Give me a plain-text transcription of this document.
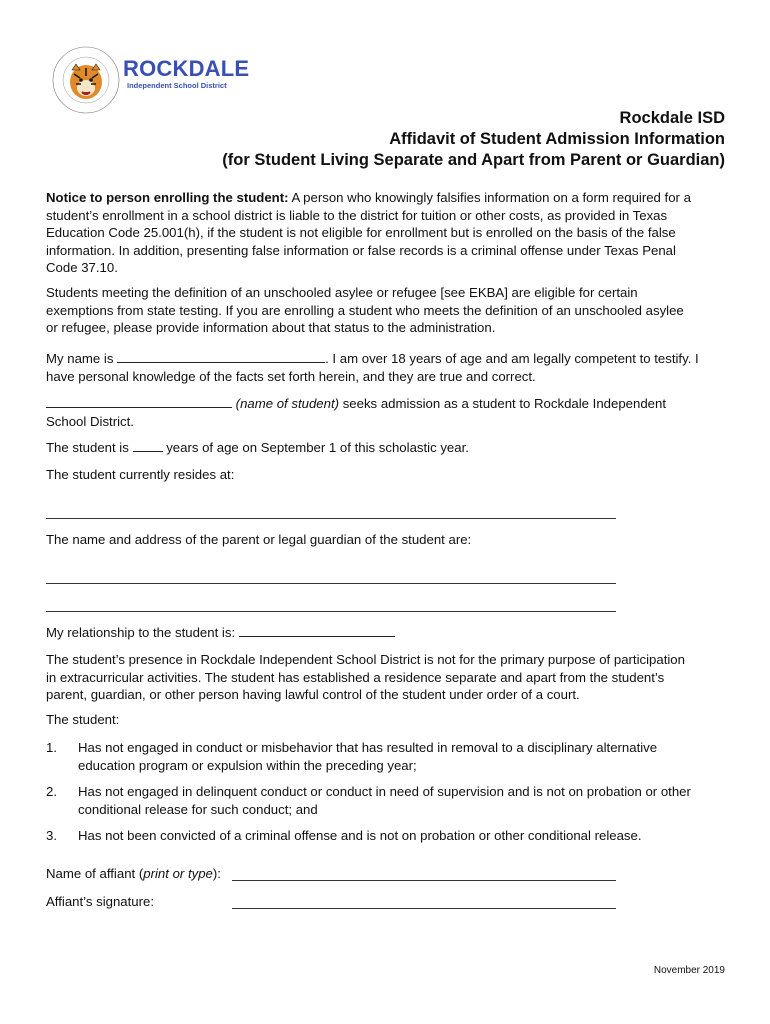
ROCKDALE
Independent School District
Rockdale ISD
Affidavit of Student Admission Information
(for Student Living Separate and Apart from Parent or Guardian)
Notice to person enrolling the student: A person who knowingly falsifies information on a form required for a
student’s enrollment in a school district is liable to the district for tuition or other costs, as provided in Texas
Education Code 25.001(h), if the student is not eligible for enrollment but is enrolled on the basis of the false
information. In addition, presenting false information or false records is a criminal offense under Texas Penal
Code 37.10.
Students meeting the definition of an unschooled asylee or refugee [see EKBA] are eligible for certain
exemptions from state testing. If you are enrolling a student who meets the definition of an unschooled asylee
or refugee, please provide information about that status to the administration.
My name is	. I am over 18 years of age and am legally competent to testify. I
have personal knowledge of the facts set forth herein, and they are true and correct.
(name of student) seeks admission as a student to Rockdale Independent
School District.
The student is	years of age on September 1 of this scholastic year.
The student currently resides at:
The name and address of the parent or legal guardian of the student are:
My relationship to the student is:
The student’s presence in Rockdale Independent School District is not for the primary purpose of participation
in extracurricular activities. The student has established a residence separate and apart from the student’s
parent, guardian, or other person having lawful control of the student under order of a court.
The student:
1. Has not engaged in conduct or misbehavior that has resulted in removal to a disciplinary alternative
education program or expulsion within the preceding year;
2. Has not engaged in delinquent conduct or conduct in need of supervision and is not on probation or other
conditional release for such conduct; and
3. Has not been convicted of a criminal offense and is not on probation or other conditional release.
Name of affiant (print or type):
Affiant’s signature:
November 2019
